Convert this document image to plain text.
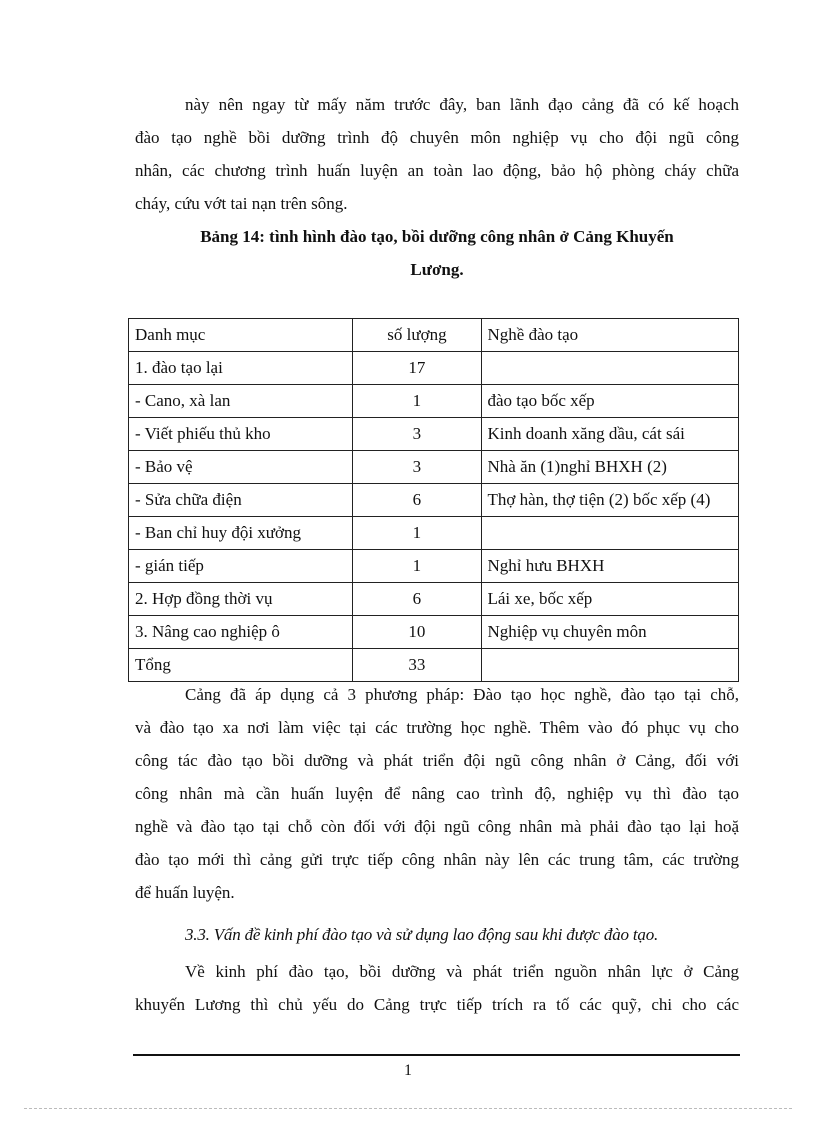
này nên ngay từ mấy năm trước đây, ban lãnh đạo cảng đã có kế hoạch
đào tạo nghề bồi dưỡng trình độ chuyên môn nghiệp vụ cho đội ngũ công
nhân, các chương trình huấn luyện an toàn lao động, bảo hộ phòng cháy chữa
cháy, cứu vớt tai nạn trên sông.

Bảng 14: tình hình đào tạo, bồi dưỡng công nhân ở Cảng Khuyến

Lương.

Danh mục	số lượng	Nghề đào tạo
1. đào tạo lại	17	
- Cano, xà lan	1	đào tạo bốc xếp
- Viết phiếu thủ kho	3	Kinh doanh xăng dầu, cát sái
- Bảo vệ	3	Nhà ăn (1)nghỉ BHXH (2)
- Sửa chữa điện	6	Thợ hàn, thợ tiện (2) bốc xếp (4)
- Ban chỉ huy đội xưởng	1	
- gián tiếp	1	Nghỉ hưu BHXH
2. Hợp đồng thời vụ	6	Lái xe, bốc xếp
3. Nâng cao nghiệp ô	10	Nghiệp vụ chuyên môn
Tổng	33	
Cảng đã áp dụng cả 3 phương pháp: Đào tạo học nghề, đào tạo tại chỗ,
và đào tạo xa nơi làm việc tại các trường học nghề. Thêm vào đó phục vụ cho
công tác đào tạo bồi dưỡng và phát triển đội ngũ công nhân ở Cảng, đối với
công nhân mà cần huấn luyện để nâng cao trình độ, nghiệp vụ thì đào tạo
nghề và đào tạo tại chỗ còn đối với đội ngũ công nhân mà phải đào tạo lại hoặ
đào tạo mới thì cảng gửi trực tiếp công nhân này lên các trung tâm, các trường
để huấn luyện.

3.3. Vấn đề kinh phí đào tạo và sử dụng lao động sau khi được đào tạo.

Về kinh phí đào tạo, bồi dưỡng và phát triển nguồn nhân lực ở Cảng
khuyến Lương thì chủ yếu do Cảng trực tiếp trích ra tố các quỹ, chi cho các

1
